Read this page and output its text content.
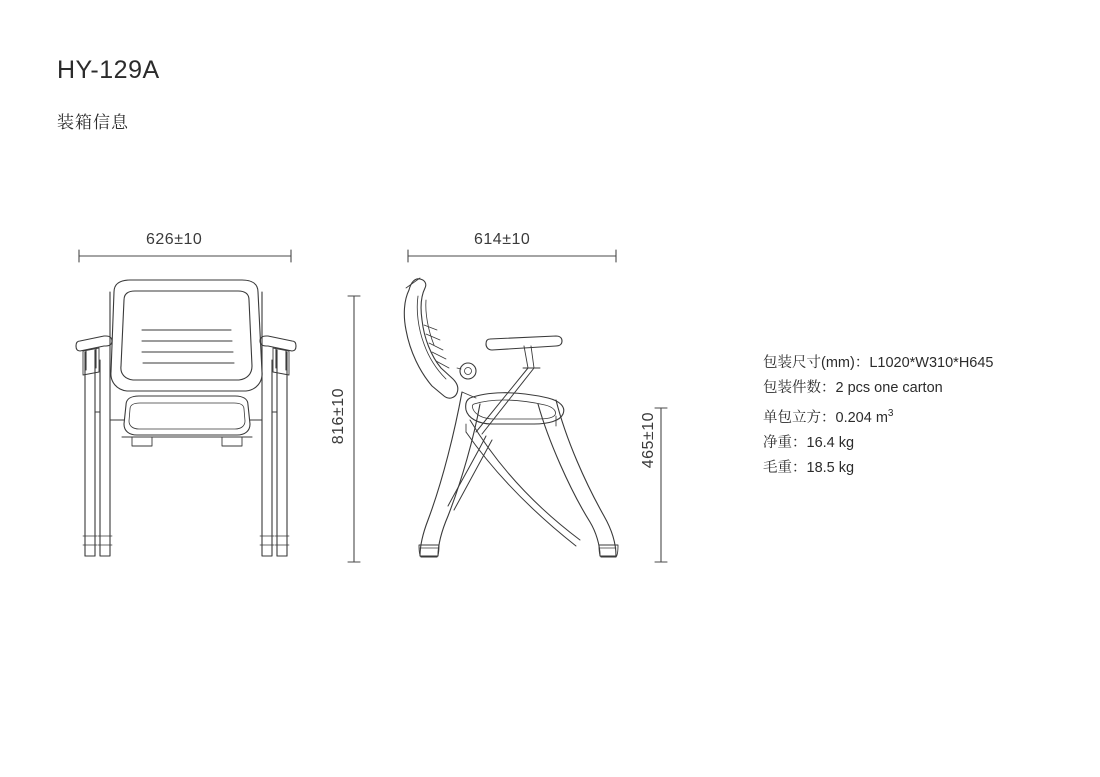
HY-129A
装箱信息
626±10	614±10
816±10	465±10
包装尺寸(mm)：L1020*W310*H645
包装件数：2 pcs one carton
单包立方：0.204 $m^3$
净重：16.4 kg
毛重：18.5 kg
